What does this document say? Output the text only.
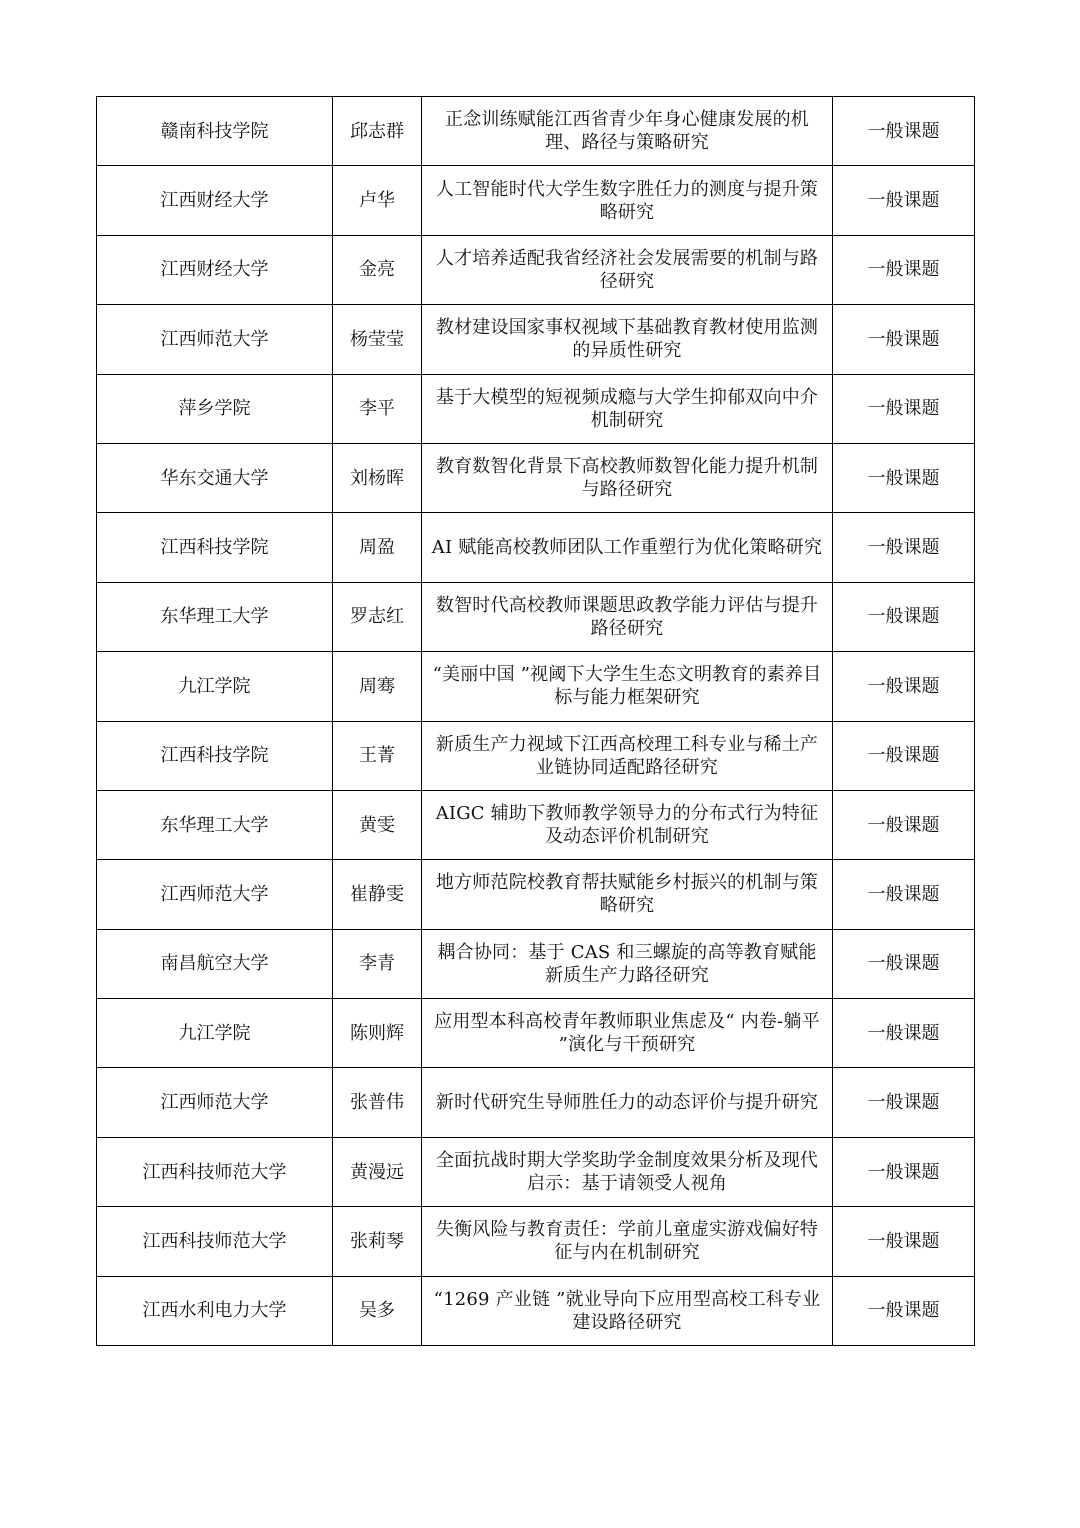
赣南科技学院	邱志群	正念训练赋能江西省青少年身心健康发展的机理、路径与策略研究	一般课题
江西财经大学	卢华	人工智能时代大学生数字胜任力的测度与提升策略研究	一般课题
江西财经大学	金亮	人才培养适配我省经济社会发展需要的机制与路径研究	一般课题
江西师范大学	杨莹莹	教材建设国家事权视域下基础教育教材使用监测的异质性研究	一般课题
萍乡学院	李平	基于大模型的短视频成瘾与大学生抑郁双向中介机制研究	一般课题
华东交通大学	刘杨晖	教育数智化背景下高校教师数智化能力提升机制与路径研究	一般课题
江西科技学院	周盈	AI 赋能高校教师团队工作重塑行为优化策略研究	一般课题
东华理工大学	罗志红	数智时代高校教师课题思政教学能力评估与提升路径研究	一般课题
九江学院	周骞	“美丽中国 ”视阈下大学生生态文明教育的素养目标与能力框架研究	一般课题
江西科技学院	王菁	新质生产力视域下江西高校理工科专业与稀土产业链协同适配路径研究	一般课题
东华理工大学	黄雯	AIGC 辅助下教师教学领导力的分布式行为特征及动态评价机制研究	一般课题
江西师范大学	崔静雯	地方师范院校教育帮扶赋能乡村振兴的机制与策略研究	一般课题
南昌航空大学	李青	耦合协同：基于 CAS 和三螺旋的高等教育赋能新质生产力路径研究	一般课题
九江学院	陈则辉	应用型本科高校青年教师职业焦虑及“ 内卷-躺平 ”演化与干预研究	一般课题
江西师范大学	张普伟	新时代研究生导师胜任力的动态评价与提升研究	一般课题
江西科技师范大学	黄漫远	全面抗战时期大学奖助学金制度效果分析及现代启示：基于请领受人视角	一般课题
江西科技师范大学	张莉琴	失衡风险与教育责任：学前儿童虚实游戏偏好特征与内在机制研究	一般课题
江西水利电力大学	吴多	“1269 产业链 ”就业导向下应用型高校工科专业建设路径研究	一般课题
